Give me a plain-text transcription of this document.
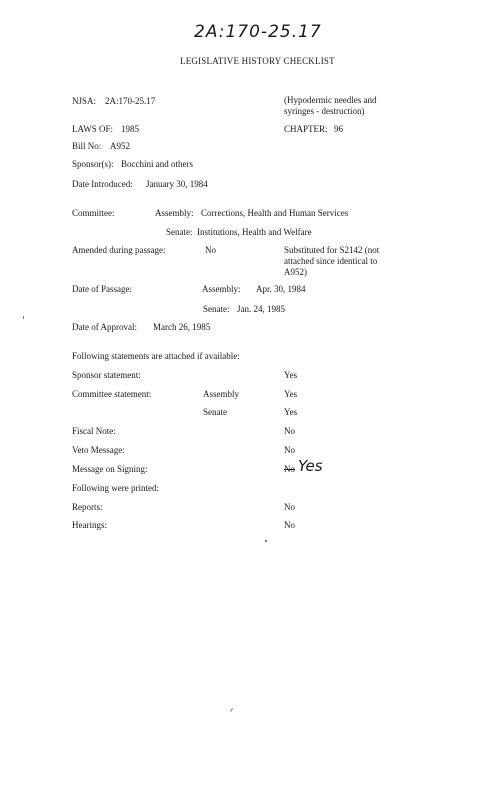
2A:170-25.17
LEGISLATIVE HISTORY CHECKLIST
NJSA: 2A:170-25.17	(Hypodermic needles and
syringes - destruction)
LAWS OF: 1985	CHAPTER: 96
Bill No: A952
Sponsor(s): Bocchini and others
Date Introduced: January 30, 1984
Committee:	Assembly: Corrections, Health and Human Services
Senate: Institutions, Health and Welfare
Amended during passage:	No	Substituted for S2142 (not
attached since identical to
A952)
Date of Passage:	Assembly: Apr. 30, 1984
Senate: Jan. 24, 1985
Date of Approval: March 26, 1985
Following statements are attached if available:
Sponsor statement:	Yes
Committee statement:	Assembly	Yes
Senate	Yes
Fiscal Note:	No
Veto Message:	No
Message on Signing:	No Yes
Following were printed:
Reports:	No
Hearings:	No
